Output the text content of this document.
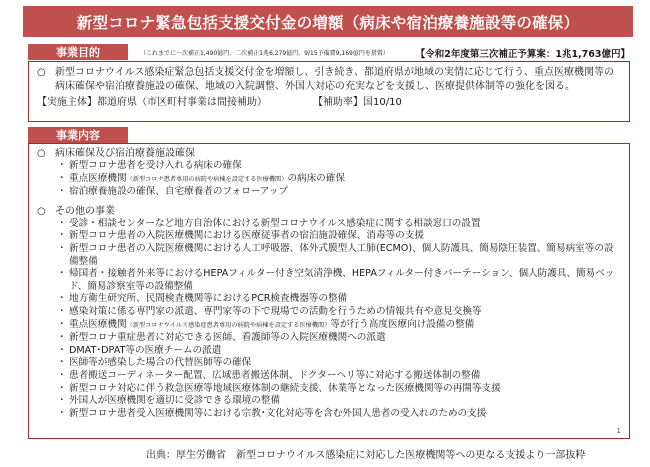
新型コロナ緊急包括支援交付金の増額（病床や宿泊療養施設等の確保）
事業目的	（これまでに一次補正1,490億円、二次補正1兆6,279億円、9/15予備費9,169億円を措置）	【令和2年度第三次補正予算案：1兆1,763億円】
○ 新型コロナウイルス感染症緊急包括支援交付金を増額し、引き続き、都道府県が地域の実情に応じて行う、重点医療機関等の病床確保や宿泊療養施設の確保、地域の入院調整、外国人対応の充実などを支援し、医療提供体制等の強化を図る。
【実施主体】都道府県（市区町村事業は間接補助）	【補助率】国10/10
事業内容
○ 病床確保及び宿泊療養施設確保
・ 新型コロナ患者を受け入れる病床の確保
・ 重点医療機関（新型コロナ患者専用の病院や病棟を設定する医療機関）の病床の確保
・ 宿泊療養施設の確保、自宅療養者のフォローアップ
○ その他の事業
・ 受診・相談センターなど地方自治体における新型コロナウイルス感染症に関する相談窓口の設置
・ 新型コロナ患者の入院医療機関における医療従事者の宿泊施設確保、消毒等の支援
・ 新型コロナ患者の入院医療機関における人工呼吸器、体外式膜型人工肺(ECMO)、個人防護具、簡易陰圧装置、簡易病室等の設備整備
・ 帰国者・接触者外来等におけるHEPAフィルター付き空気清浄機、HEPAフィルター付きパーテーション、個人防護具、簡易ベッド、簡易診察室等の設備整備
・ 地方衛生研究所、民間検査機関等におけるPCR検査機器等の整備
・ 感染対策に係る専門家の派遣、専門家等の下で現場での活動を行うための情報共有や意見交換等
・ 重点医療機関（新型コロナウイルス感染症患者専用の病院や病棟を設定する医療機関）等が行う高度医療向け設備の整備
・ 新型コロナ重症患者に対応できる医師、看護師等の入院医療機関への派遣
・ DMAT･DPAT等の医療チームの派遣
・ 医師等が感染した場合の代替医師等の確保
・ 患者搬送コーディネーター配置、広域患者搬送体制、ドクターヘリ等に対応する搬送体制の整備
・ 新型コロナ対応に伴う救急医療等地域医療体制の継続支援、休業等となった医療機関等の再開等支援
・ 外国人が医療機関を適切に受診できる環境の整備
・ 新型コロナ患者受入医療機関等における宗教･文化対応等を含む外国人患者の受入れのための支援
1
出典：厚生労働省　新型コロナウイルス感染症に対応した医療機関等への更なる支援より一部抜粋
